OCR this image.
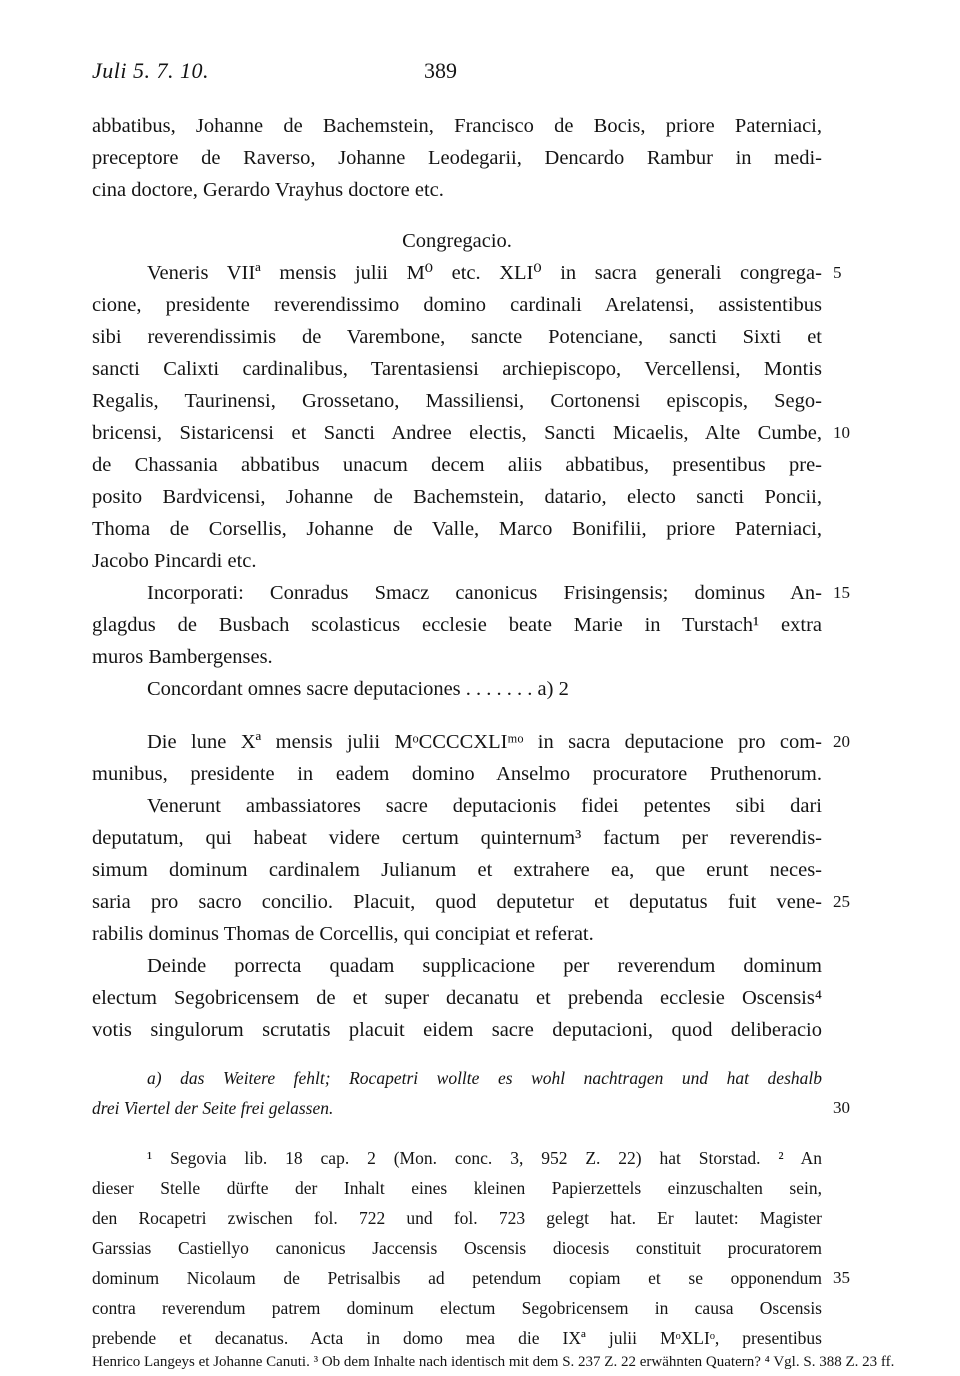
Juli 5. 7. 10.	389
abbatibus, Johanne de Bachemstein, Francisco de Bocis, priore Paterniaci,
preceptore de Raverso, Johanne Leodegarii, Dencardo Rambur in medi-
cina doctore, Gerardo Vrayhus doctore etc.
Congregacio.
Veneris VIIª mensis julii M⁰ etc. XLI⁰ in sacra generali congrega-
cione, presidente reverendissimo domino cardinali Arelatensi, assistentibus
sibi reverendissimis de Varembone, sancte Potenciane, sancti Sixti et
sancti Calixti cardinalibus, Tarentasiensi archiepiscopo, Vercellensi, Montis
Regalis, Taurinensi, Grossetano, Massiliensi, Cortonensi episcopis, Sego-
bricensi, Sistaricensi et Sancti Andree electis, Sancti Micaelis, Alte Cumbe,
de Chassania abbatibus unacum decem aliis abbatibus, presentibus pre-
posito Bardvicensi, Johanne de Bachemstein, datario, electo sancti Poncii,
Thoma de Corsellis, Johanne de Valle, Marco Bonifilii, priore Paterniaci,
Jacobo Pincardi etc.
Incorporati: Conradus Smacz canonicus Frisingensis; dominus An-
glagdus de Busbach scolasticus ecclesie beate Marie in Turstach¹ extra
muros Bambergenses.
Concordant omnes sacre deputaciones . . . . . . . a) 2
Die lune Xª mensis julii MᵒCCCCXLIᵐᵒ in sacra deputacione pro com-
munibus, presidente in eadem domino Anselmo procuratore Pruthenorum.
Venerunt ambassiatores sacre deputacionis fidei petentes sibi dari
deputatum, qui habeat videre certum quinternum³ factum per reverendis-
simum dominum cardinalem Julianum et extrahere ea, que erunt neces-
saria pro sacro concilio. Placuit, quod deputetur et deputatus fuit vene-
rabilis dominus Thomas de Corcellis, qui concipiat et referat.
Deinde porrecta quadam supplicacione per reverendum dominum
electum Segobricensem de et super decanatu et prebenda ecclesie Oscensis⁴
votis singulorum scrutatis placuit eidem sacre deputacioni, quod deliberacio
a) das Weitere fehlt; Rocapetri wollte es wohl nachtragen und hat deshalb
drei Viertel der Seite frei gelassen.
¹ Segovia lib. 18 cap. 2 (Mon. conc. 3, 952 Z. 22) hat Storstad. ² An
dieser Stelle dürfte der Inhalt eines kleinen Papierzettels einzuschalten sein,
den Rocapetri zwischen fol. 722 und fol. 723 gelegt hat. Er lautet: Magister
Garssias Castiellyo canonicus Jaccensis Oscensis diocesis constituit procuratorem
dominum Nicolaum de Petrisalbis ad petendum copiam et se opponendum
contra reverendum patrem dominum electum Segobricensem in causa Oscensis
prebende et decanatus. Acta in domo mea die IXª julii MᵒXLIᵒ, presentibus
Henrico Langeys et Johanne Canuti. ³ Ob dem Inhalte nach identisch mit dem S. 237 Z. 22 erwähnten Quatern? ⁴ Vgl. S. 388 Z. 23 ff.
5
10
15
20
25
30
35
